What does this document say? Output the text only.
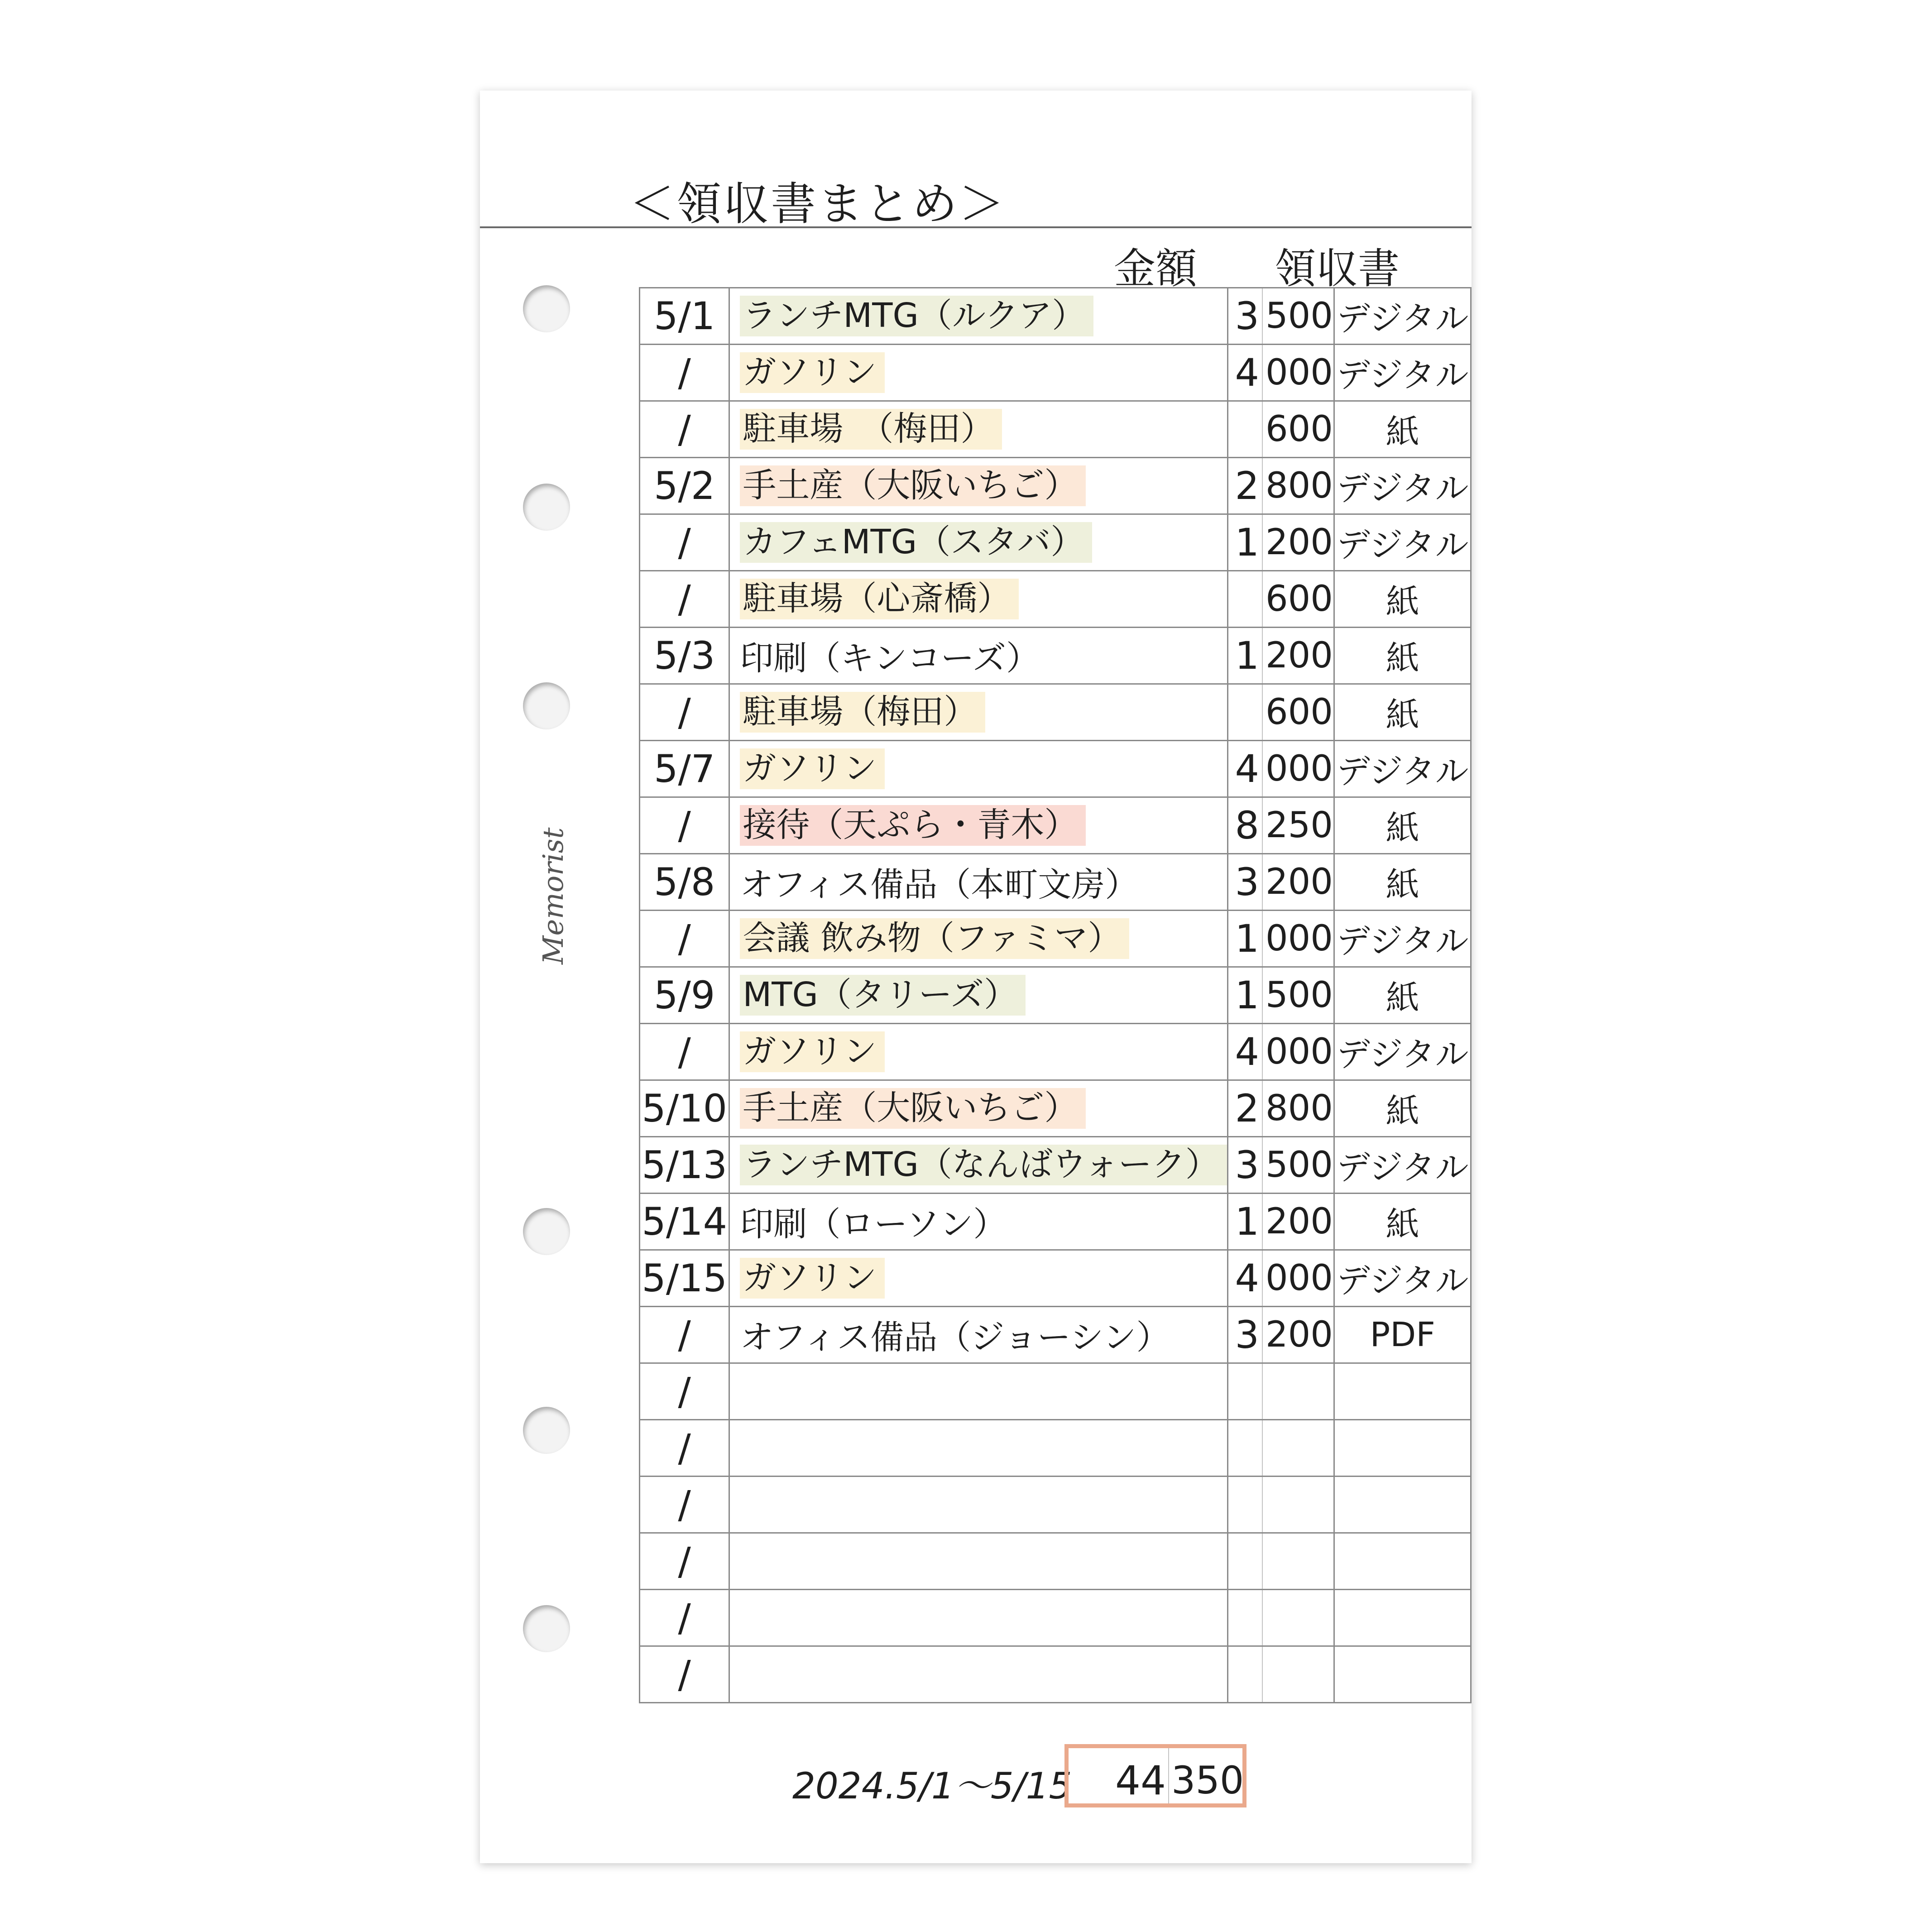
＜領収書まとめ＞
Memorist
金額 領収書
5/1	ランチMTG（ルクア）	3	500	デジタル
/	ガソリン	4	000	デジタル
/	駐車場　（梅田）		600	紙
5/2	手土産（大阪いちご）	2	800	デジタル
/	カフェMTG（スタバ）	1	200	デジタル
/	駐車場（心斎橋）		600	紙
5/3	印刷（キンコーズ）	1	200	紙
/	駐車場（梅田）		600	紙
5/7	ガソリン	4	000	デジタル
/	接待（天ぷら・青木）	8	250	紙
5/8	オフィス備品（本町文房）	3	200	紙
/	会議 飲み物（ファミマ）	1	000	デジタル
5/9	MTG（タリーズ）	1	500	紙
/	ガソリン	4	000	デジタル
5/10	手土産（大阪いちご）	2	800	紙
5/13	ランチMTG（なんばウォーク）	3	500	デジタル
5/14	印刷（ローソン）	1	200	紙
5/15	ガソリン	4	000	デジタル
/	オフィス備品（ジョーシン）	3	200	PDF
/				
/				
/				
/				
/				
/				
2024.5/1～5/15	44 350
